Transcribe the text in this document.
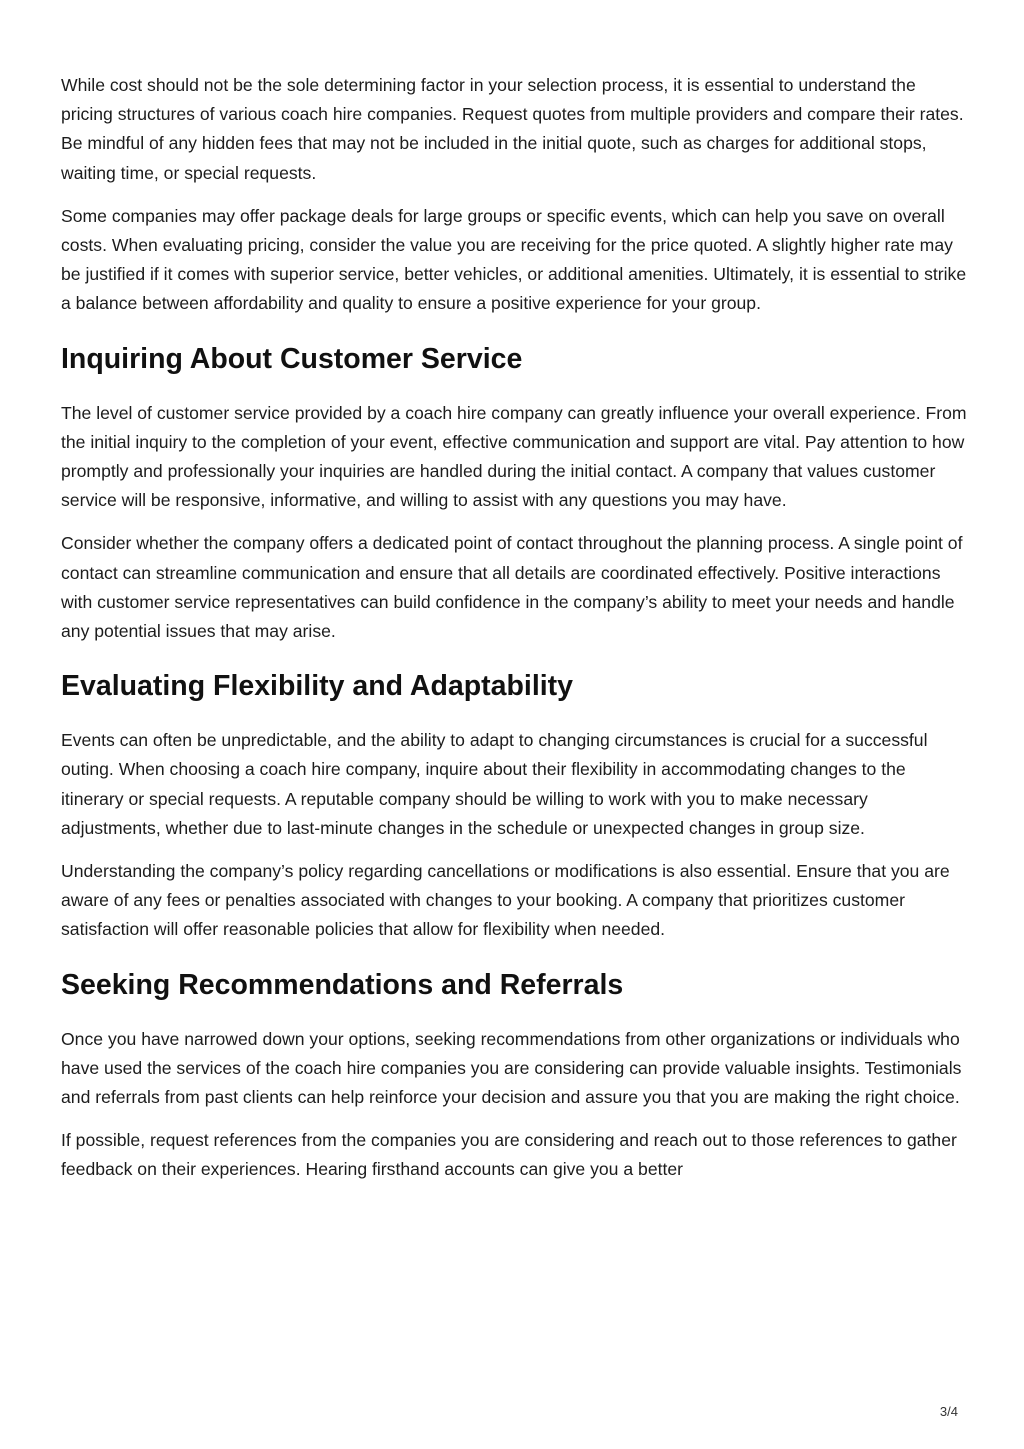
While cost should not be the sole determining factor in your selection process, it is essential to understand the pricing structures of various coach hire companies. Request quotes from multiple providers and compare their rates. Be mindful of any hidden fees that may not be included in the initial quote, such as charges for additional stops, waiting time, or special requests.

Some companies may offer package deals for large groups or specific events, which can help you save on overall costs. When evaluating pricing, consider the value you are receiving for the price quoted. A slightly higher rate may be justified if it comes with superior service, better vehicles, or additional amenities. Ultimately, it is essential to strike a balance between affordability and quality to ensure a positive experience for your group.

Inquiring About Customer Service

The level of customer service provided by a coach hire company can greatly influence your overall experience. From the initial inquiry to the completion of your event, effective communication and support are vital. Pay attention to how promptly and professionally your inquiries are handled during the initial contact. A company that values customer service will be responsive, informative, and willing to assist with any questions you may have.

Consider whether the company offers a dedicated point of contact throughout the planning process. A single point of contact can streamline communication and ensure that all details are coordinated effectively. Positive interactions with customer service representatives can build confidence in the company’s ability to meet your needs and handle any potential issues that may arise.

Evaluating Flexibility and Adaptability

Events can often be unpredictable, and the ability to adapt to changing circumstances is crucial for a successful outing. When choosing a coach hire company, inquire about their flexibility in accommodating changes to the itinerary or special requests. A reputable company should be willing to work with you to make necessary adjustments, whether due to last-minute changes in the schedule or unexpected changes in group size.

Understanding the company’s policy regarding cancellations or modifications is also essential. Ensure that you are aware of any fees or penalties associated with changes to your booking. A company that prioritizes customer satisfaction will offer reasonable policies that allow for flexibility when needed.

Seeking Recommendations and Referrals

Once you have narrowed down your options, seeking recommendations from other organizations or individuals who have used the services of the coach hire companies you are considering can provide valuable insights. Testimonials and referrals from past clients can help reinforce your decision and assure you that you are making the right choice.

If possible, request references from the companies you are considering and reach out to those references to gather feedback on their experiences. Hearing firsthand accounts can give you a better

3/4
